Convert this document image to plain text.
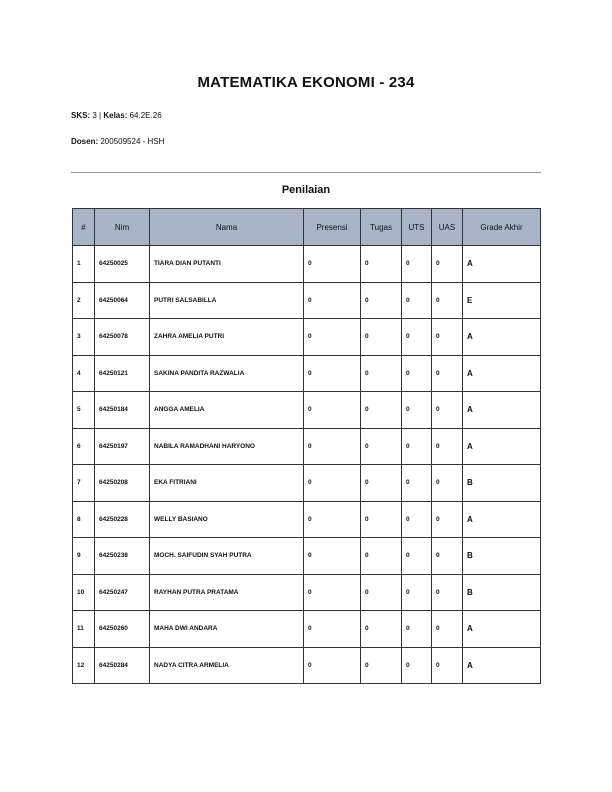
MATEMATIKA EKONOMI - 234
SKS: 3 | Kelas: 64.2E.26
Dosen: 200509524 - HSH
Penilaian
#	Nim	Nama	Presensi	Tugas	UTS	UAS	Grade Akhir
1	64250025	TIARA DIAN PUTANTI	0	0	0	0	A
2	64250064	PUTRI SALSABILLA	0	0	0	0	E
3	64250078	ZAHRA AMELIA PUTRI	0	0	0	0	A
4	64250121	SAKINA PANDITA RAZWALIA	0	0	0	0	A
5	64250184	ANGGA AMELIA	0	0	0	0	A
6	64250197	NABILA RAMADHANI HARYONO	0	0	0	0	A
7	64250208	EKA FITRIANI	0	0	0	0	B
8	64250228	WELLY BASIANO	0	0	0	0	A
9	64250238	MOCH. SAIFUDIN SYAH PUTRA	0	0	0	0	B
10	64250247	RAYHAN PUTRA PRATAMA	0	0	0	0	B
11	64250260	MAHA DWI ANDARA	0	0	0	0	A
12	64250284	NADYA CITRA ARMELIA	0	0	0	0	A
